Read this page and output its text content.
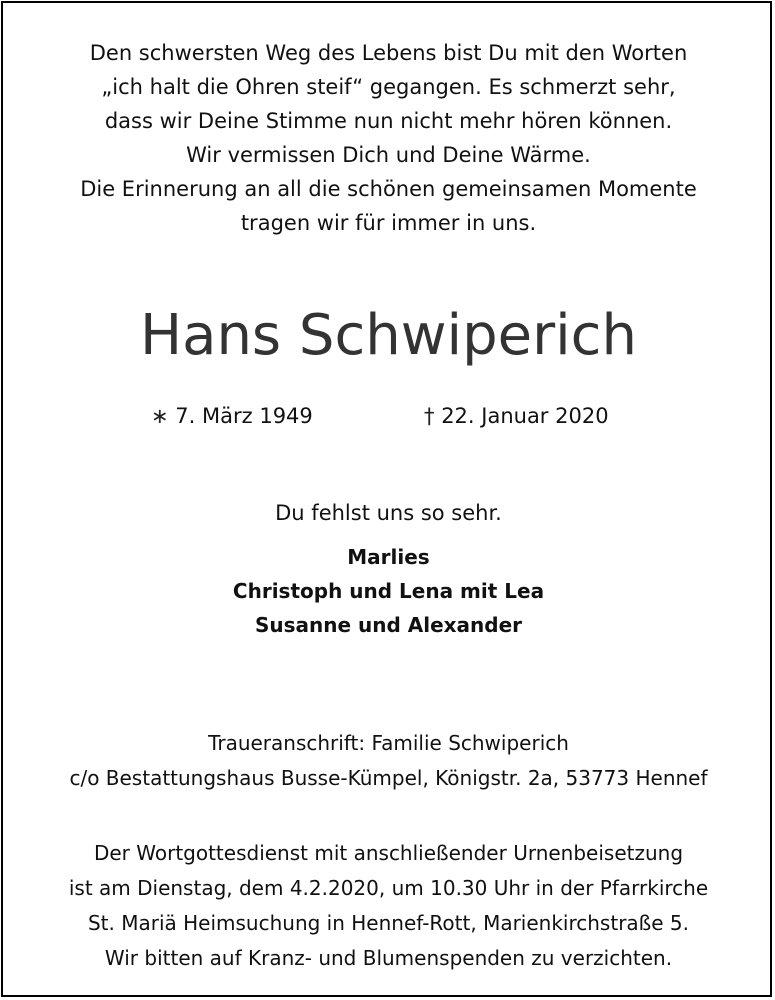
Den schwersten Weg des Lebens bist Du mit den Worten
„ich halt die Ohren steif“ gegangen. Es schmerzt sehr,
dass wir Deine Stimme nun nicht mehr hören können.
Wir vermissen Dich und Deine Wärme.
Die Erinnerung an all die schönen gemeinsamen Momente
tragen wir für immer in uns.
Hans Schwiperich
∗ 7. März 1949	† 22. Januar 2020
Du fehlst uns so sehr.
Marlies
Christoph und Lena mit Lea
Susanne und Alexander
Traueranschrift: Familie Schwiperich
c/o Bestattungshaus Busse-Kümpel, Königstr. 2a, 53773 Hennef
Der Wortgottesdienst mit anschließender Urnenbeisetzung
ist am Dienstag, dem 4.2.2020, um 10.30 Uhr in der Pfarrkirche
St. Mariä Heimsuchung in Hennef-Rott, Marienkirchstraße 5.
Wir bitten auf Kranz- und Blumenspenden zu verzichten.
